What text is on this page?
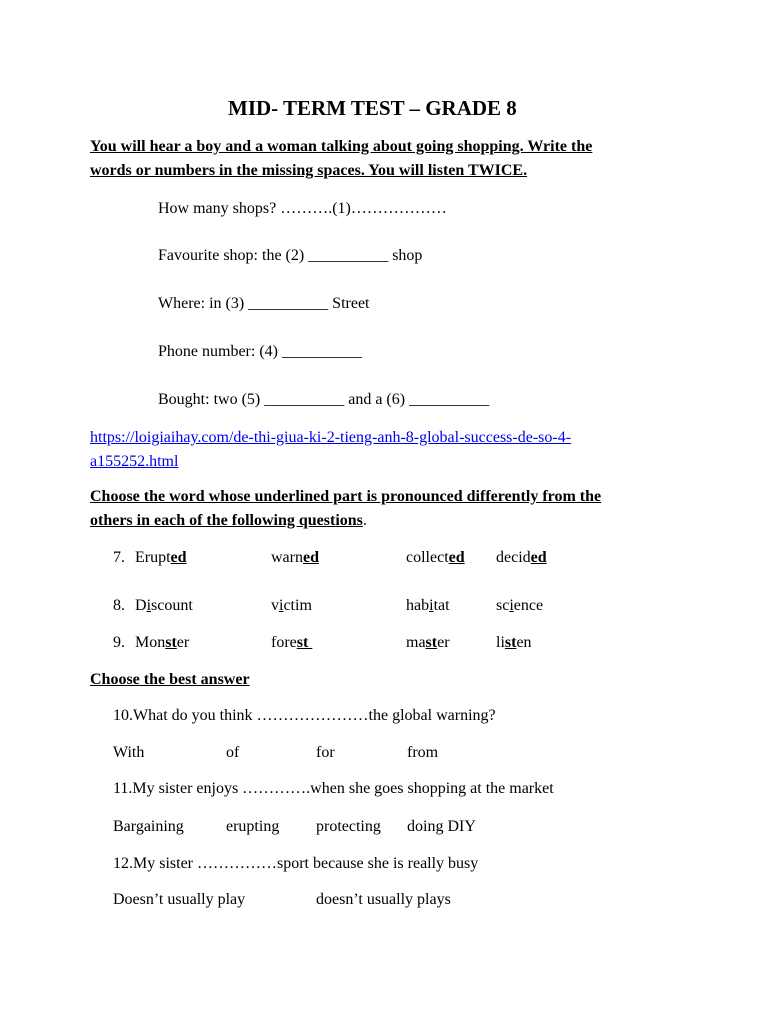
MID- TERM TEST – GRADE 8
You will hear a boy and a woman talking about going shopping. Write the
words or numbers in the missing spaces. You will listen TWICE.
How many shops? ……….(1)………………
Favourite shop: the (2) __________ shop
Where: in (3) __________ Street
Phone number: (4) __________
Bought: two (5) __________ and a (6) __________
https://loigiaihay.com/de-thi-giua-ki-2-tieng-anh-8-global-success-de-so-4-
a155252.html
Choose the word whose underlined part is pronounced differently from the
others in each of the following questions.
7. Erupted	warned	collected decided
8. Discount	victim	habitat	science
9. Monster	forest	master	listen
Choose the best answer
10.What do you think …………………the global warning?
With	of	for	from
11.My sister enjoys ………….when she goes shopping at the market
Bargaining	erupting protecting doing DIY
12.My sister ……………sport because she is really busy
Doesn’t usually play	doesn’t usually plays
